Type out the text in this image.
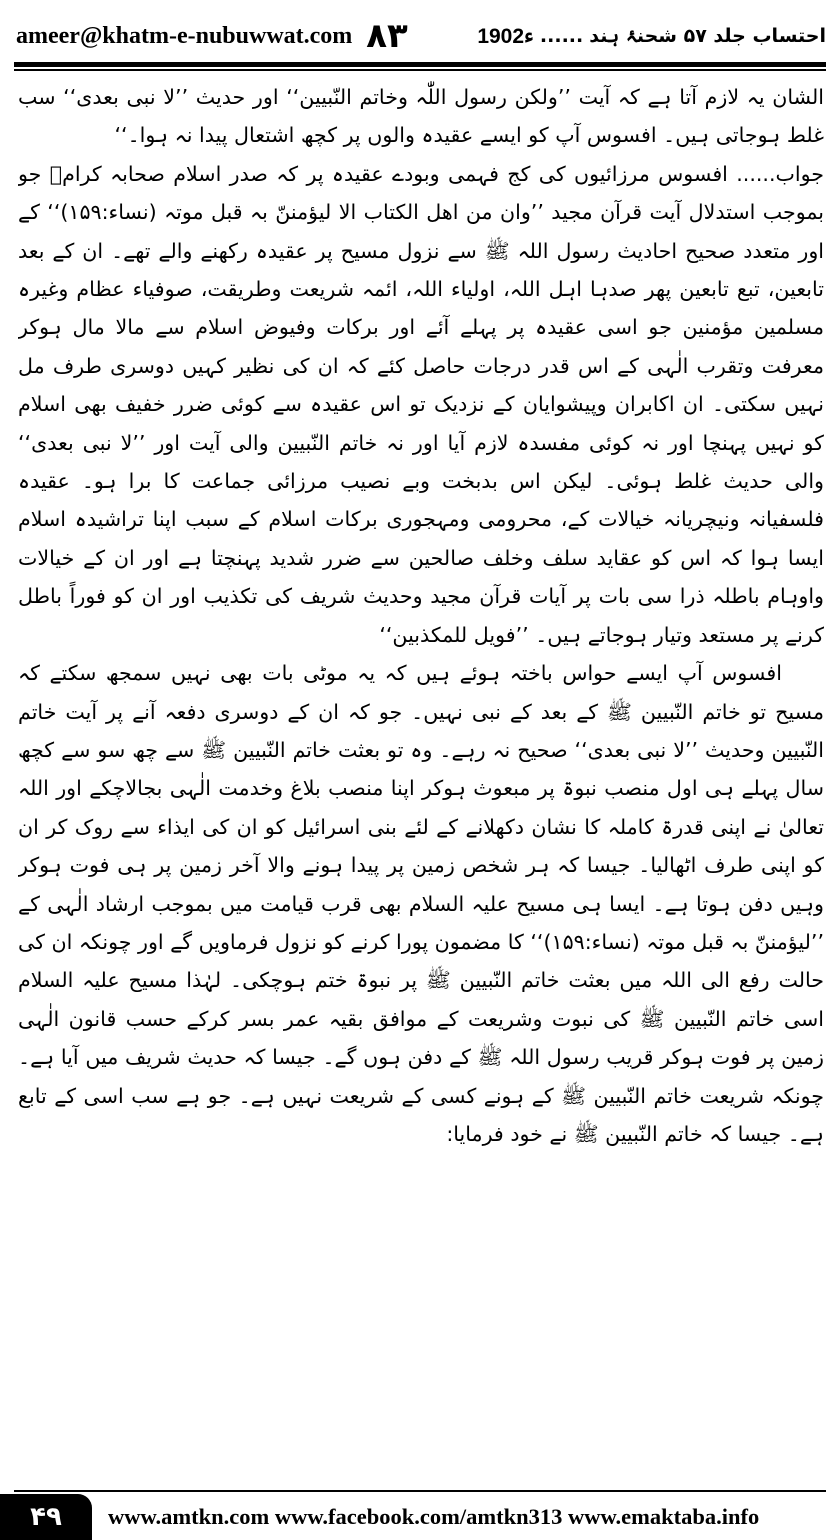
ameer@khatm-e-nubuwwat.com ۸۳	احتساب جلد ۵۷ شحنۂ ہند
......
1902ء

الشان یہ لازم آتا ہے کہ آیت ’’ولکن رسول اللّٰہ وخاتم النّبیین‘‘ اور حدیث ’’لا نبی بعدی‘‘ سب غلط ہوجاتی ہیں۔ افسوس آپ کو ایسے عقیدہ والوں پر کچھ اشتعال پیدا نہ ہوا۔‘‘

جواب...... افسوس مرزائیوں کی کج فہمی وبودے عقیدہ پر کہ صدر اسلام صحابہ کرامؓ جو بموجب استدلال آیت قرآن مجید ’’وان من اھل الکتاب الا لیؤمننّ بہ قبل موتہ (نساء:۱۵۹)‘‘ کے اور متعدد صحیح احادیث رسول اللہ ﷺ سے نزول مسیح پر عقیدہ رکھنے والے تھے۔ ان کے بعد تابعین، تبع تابعین پھر صدہا اہل اللہ، اولیاء اللہ، ائمہ شریعت وطریقت، صوفیاء عظام وغیرہ مسلمین مؤمنین جو اسی عقیدہ پر پہلے آئے اور برکات وفیوض اسلام سے مالا مال ہوکر معرفت وتقرب الٰہی کے اس قدر درجات حاصل کئے کہ ان کی نظیر کہیں دوسری طرف مل نہیں سکتی۔ ان اکابران وپیشوایان کے نزدیک تو اس عقیدہ سے کوئی ضرر خفیف بھی اسلام کو نہیں پہنچا اور نہ کوئی مفسدہ لازم آیا اور نہ خاتم النّبیین والی آیت اور ’’لا نبی بعدی‘‘ والی حدیث غلط ہوئی۔ لیکن اس بدبخت وبے نصیب مرزائی جماعت کا برا ہو۔ عقیدہ فلسفیانہ ونیچریانہ خیالات کے، محرومی ومہجوری برکات اسلام کے سبب اپنا تراشیدہ اسلام ایسا ہوا کہ اس کو عقاید سلف وخلف صالحین سے ضرر شدید پہنچتا ہے اور ان کے خیالات واوہام باطلہ ذرا سی بات پر آیات قرآن مجید وحدیث شریف کی تکذیب اور ان کو فوراً باطل کرنے پر مستعد وتیار ہوجاتے ہیں۔ ’’فویل للمکذبین‘‘

افسوس آپ ایسے حواس باختہ ہوئے ہیں کہ یہ موٹی بات بھی نہیں سمجھ سکتے کہ مسیح تو خاتم النّبیین ﷺ کے بعد کے نبی نہیں۔ جو کہ ان کے دوسری دفعہ آنے پر آیت خاتم النّبیین وحدیث ’’لا نبی بعدی‘‘ صحیح نہ رہے۔ وہ تو بعثت خاتم النّبیین ﷺ سے چھ سو سے کچھ سال پہلے ہی اول منصب نبوۃ پر مبعوث ہوکر اپنا منصب بلاغ وخدمت الٰہی بجالاچکے اور اللہ تعالیٰ نے اپنی قدرۃ کاملہ کا نشان دکھلانے کے لئے بنی اسرائیل کو ان کی ایذاء سے روک کر ان کو اپنی طرف اٹھالیا۔ جیسا کہ ہر شخص زمین پر پیدا ہونے والا آخر زمین پر ہی فوت ہوکر وہیں دفن ہوتا ہے۔ ایسا ہی مسیح علیہ السلام بھی قرب قیامت میں بموجب ارشاد الٰہی کے ’’لیؤمننّ بہ قبل موتہ (نساء:۱۵۹)‘‘ کا مضمون پورا کرنے کو نزول فرماویں گے اور چونکہ ان کی حالت رفع الی اللہ میں بعثت خاتم النّبیین ﷺ پر نبوۃ ختم ہوچکی۔ لہٰذا مسیح علیہ السلام اسی خاتم النّبیین ﷺ کی نبوت وشریعت کے موافق بقیہ عمر بسر کرکے حسب قانون الٰہی زمین پر فوت ہوکر قریب رسول اللہ ﷺ کے دفن ہوں گے۔ جیسا کہ حدیث شریف میں آیا ہے۔ چونکہ شریعت خاتم النّبیین ﷺ کے ہونے کسی کے شریعت نہیں ہے۔ جو ہے سب اسی کے تابع ہے۔ جیسا کہ خاتم النّبیین ﷺ نے خود فرمایا:

۴۹	www.amtkn.com www.facebook.com/amtkn313 www.emaktaba.info
